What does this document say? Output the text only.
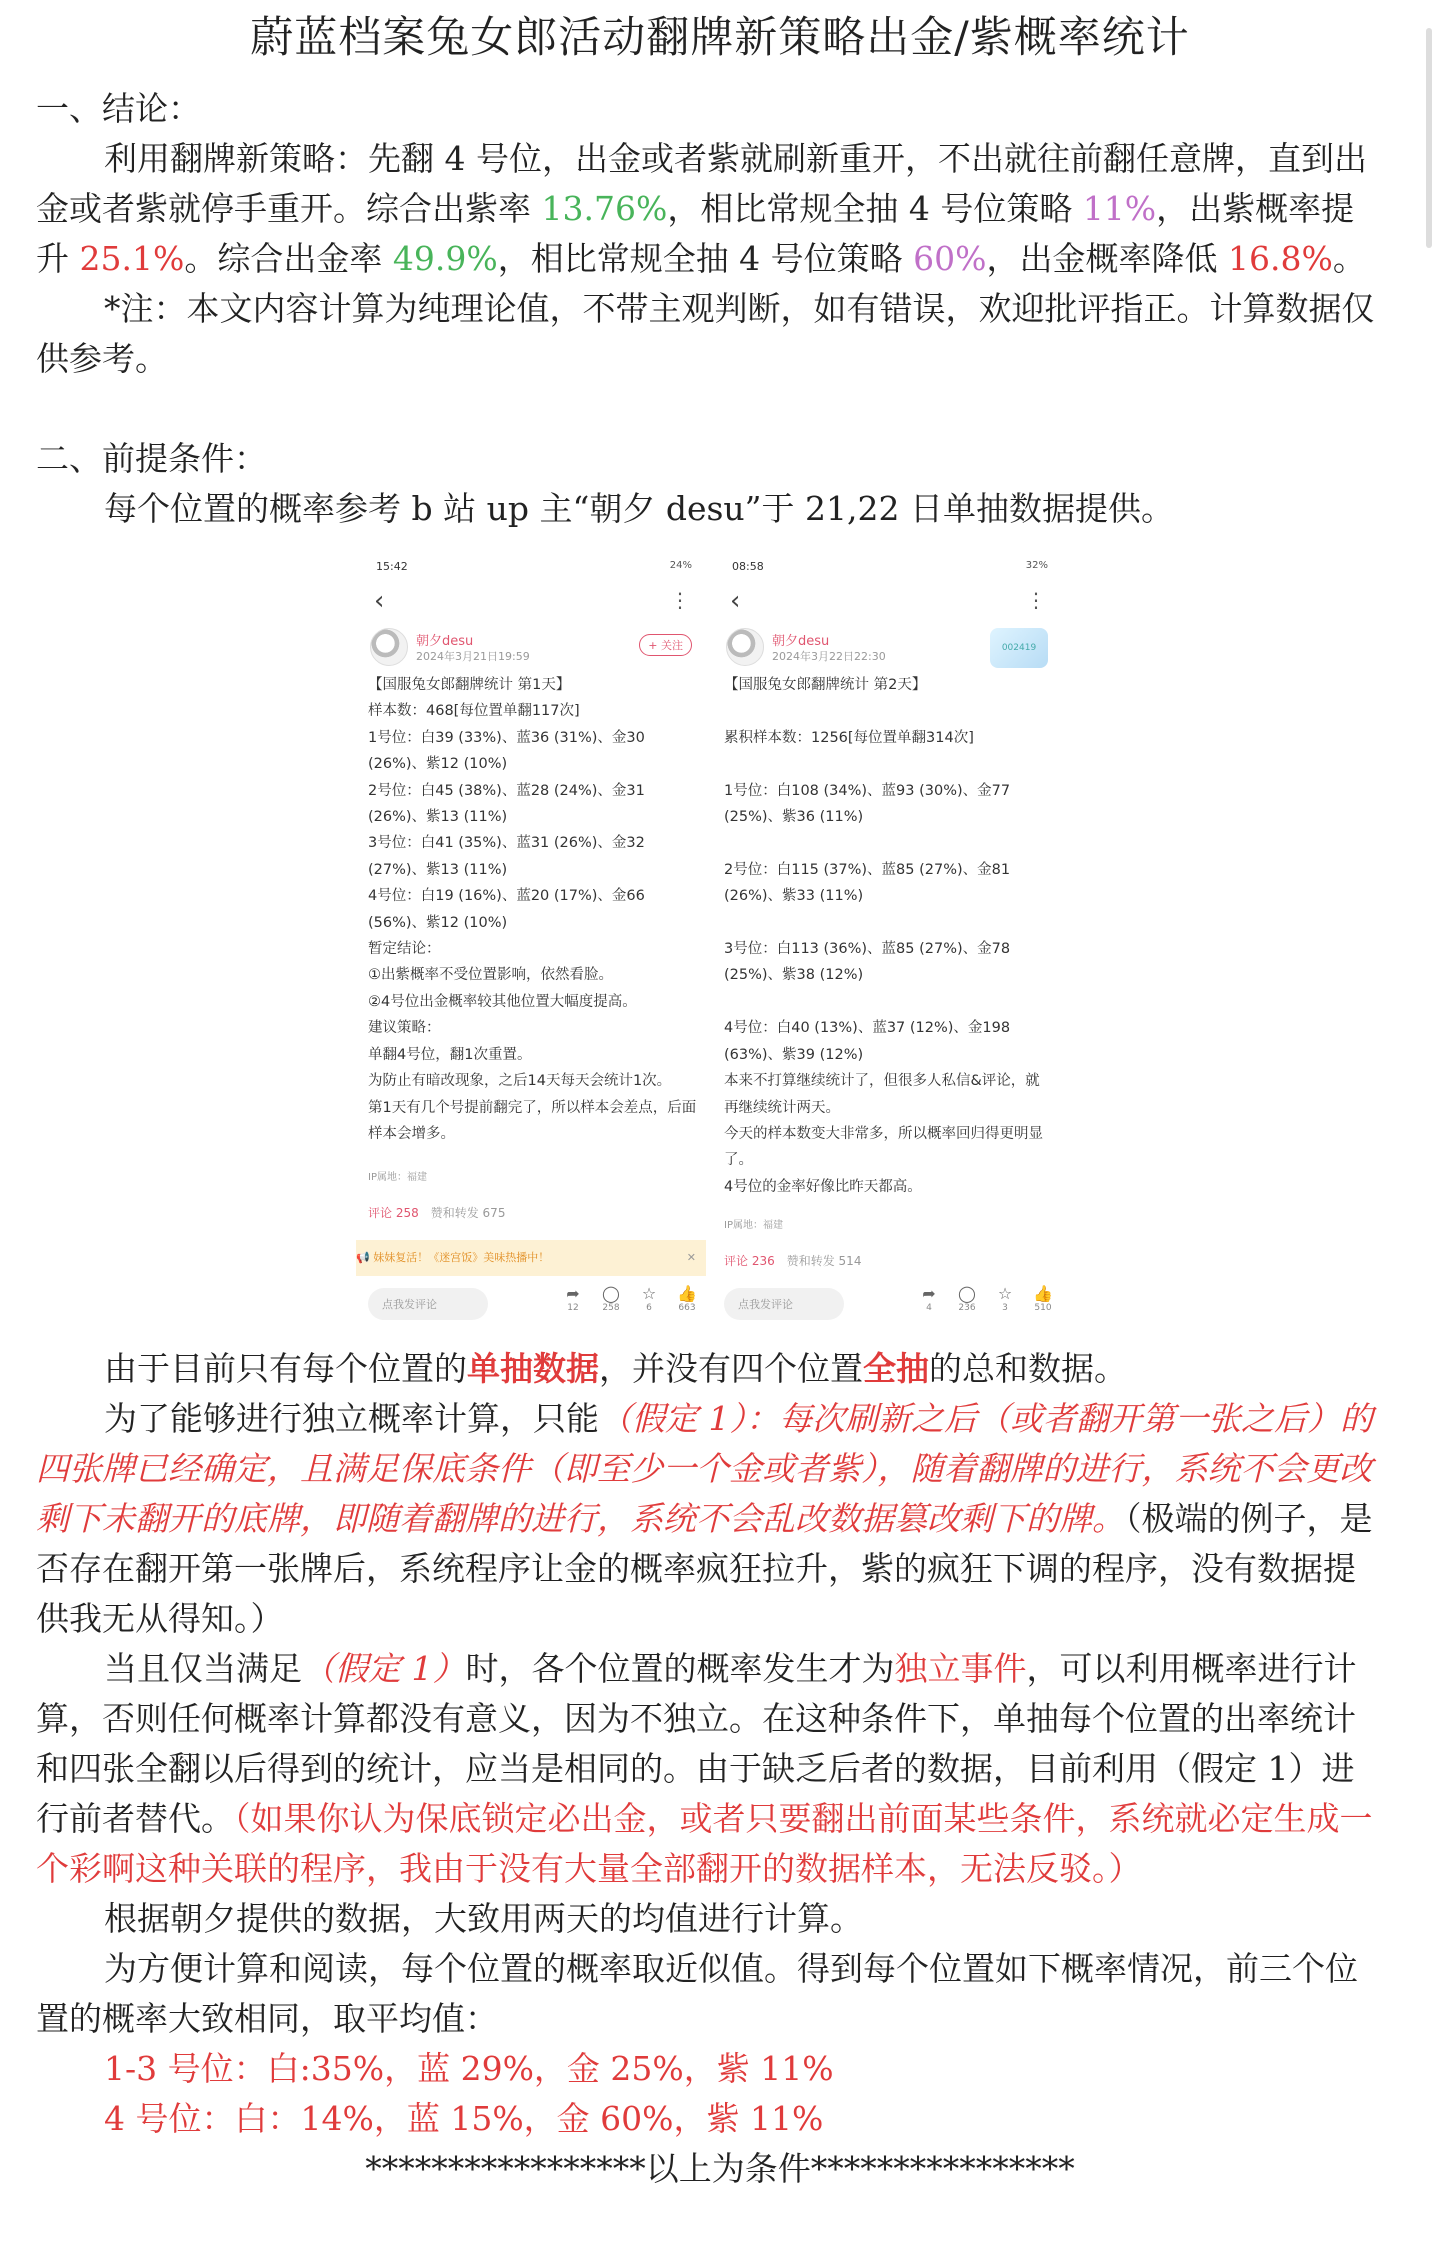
蔚蓝档案兔女郎活动翻牌新策略出金/紫概率统计
一、结论：
利用翻牌新策略：先翻 4 号位，出金或者紫就刷新重开，不出就往前翻任意牌，直到出金或者紫就停手重开。综合出紫率 13.76%，相比常规全抽 4 号位策略 11%，出紫概率提升 25.1%。综合出金率 49.9%，相比常规全抽 4 号位策略 60%，出金概率降低 16.8%。
*注：本文内容计算为纯理论值，不带主观判断，如有错误，欢迎批评指正。计算数据仅供参考。
二、前提条件：
每个位置的概率参考 b 站 up 主“朝夕 desu”于 21,22 日单抽数据提供。
15:42	24%
‹	⋮
朝夕desu
2024年3月21日19:59
+ 关注
【国服兔女郎翻牌统计 第1天】
样本数：468[每位置单翻117次]
1号位：白39 (33%)、蓝36 (31%)、金30 (26%)、紫12 (10%)
2号位：白45 (38%)、蓝28 (24%)、金31 (26%)、紫13 (11%)
3号位：白41 (35%)、蓝31 (26%)、金32 (27%)、紫13 (11%)
4号位：白19 (16%)、蓝20 (17%)、金66 (56%)、紫12 (10%)
暂定结论：
①出紫概率不受位置影响，依然看脸。
②4号位出金概率较其他位置大幅度提高。
建议策略：
单翻4号位，翻1次重置。
为防止有暗改现象，之后14天每天会统计1次。
第1天有几个号提前翻完了，所以样本会差点，后面样本会增多。
IP属地：福建
评论 258 赞和转发 675
📢 妹妹复活！《迷宫饭》美味热播中！	✕
点我发评论
➦
12
◯
258
☆
6
👍
663
08:58	32%
‹	⋮
朝夕desu
2024年3月22日22:30
002419
【国服兔女郎翻牌统计 第2天】

累积样本数：1256[每位置单翻314次]

1号位：白108 (34%)、蓝93 (30%)、金77 (25%)、紫36 (11%)

2号位：白115 (37%)、蓝85 (27%)、金81 (26%)、紫33 (11%)

3号位：白113 (36%)、蓝85 (27%)、金78 (25%)、紫38 (12%)

4号位：白40 (13%)、蓝37 (12%)、金198 (63%)、紫39 (12%)
本来不打算继续统计了，但很多人私信&评论，就再继续统计两天。
今天的样本数变大非常多，所以概率回归得更明显了。
4号位的金率好像比昨天都高。
IP属地：福建
评论 236 赞和转发 514
点我发评论
➦
4
◯
236
☆
3
👍
510
由于目前只有每个位置的单抽数据，并没有四个位置全抽的总和数据。
为了能够进行独立概率计算，只能（假定 1）：每次刷新之后（或者翻开第一张之后）的四张牌已经确定，且满足保底条件（即至少一个金或者紫），随着翻牌的进行，系统不会更改剩下未翻开的底牌，即随着翻牌的进行，系统不会乱改数据篡改剩下的牌。（极端的例子，是否存在翻开第一张牌后，系统程序让金的概率疯狂拉升，紫的疯狂下调的程序，没有数据提供我无从得知。）
当且仅当满足（假定 1）时，各个位置的概率发生才为独立事件，可以利用概率进行计算，否则任何概率计算都没有意义，因为不独立。在这种条件下，单抽每个位置的出率统计和四张全翻以后得到的统计，应当是相同的。由于缺乏后者的数据，目前利用（假定 1）进行前者替代。（如果你认为保底锁定必出金，或者只要翻出前面某些条件，系统就必定生成一个彩啊这种关联的程序，我由于没有大量全部翻开的数据样本，无法反驳。）
根据朝夕提供的数据，大致用两天的均值进行计算。
为方便计算和阅读，每个位置的概率取近似值。得到每个位置如下概率情况，前三个位置的概率大致相同，取平均值：
1-3 号位：白:35%，蓝 29%，金 25%，紫 11%
4 号位：白：14%，蓝 15%，金 60%，紫 11%
*****************以上为条件****************
